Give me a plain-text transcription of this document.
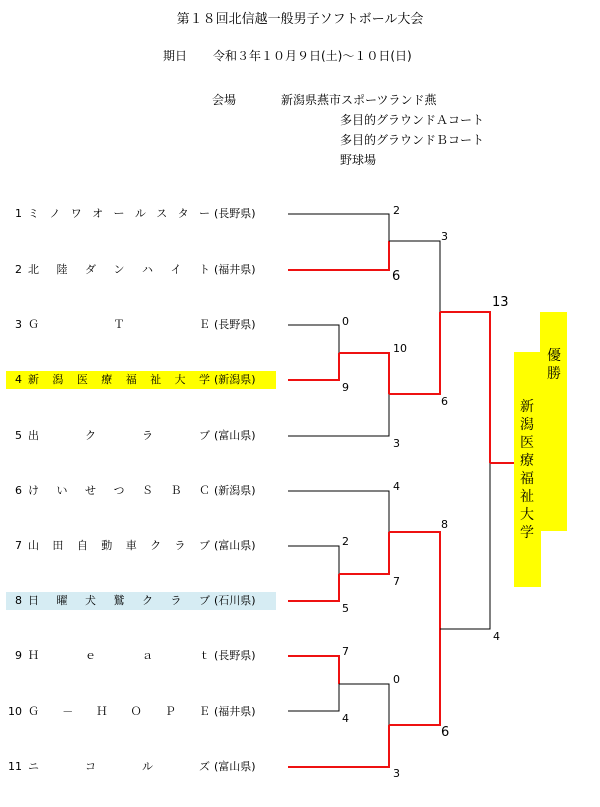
第１８回北信越一般男子ソフトボール大会
期日 令和３年１０月９日(土)～１０日(日)
会場	新潟県燕市スポーツランド燕
多目的グラウンドＡコート
多目的グラウンドＢコート
野球場
1 ミ ノ ワ オ ー ル ス タ ー (長野県)
2 北 陸 ダ ン ハ イ ト (福井県)
3 Ｇ	Ｔ	Ｅ (長野県)
4 新 潟 医 療 福 祉 大 学 (新潟県)
5 出	ク	ラ	ブ (富山県)
6 け い せ つ Ｓ Ｂ Ｃ (新潟県)
7 山 田 自 動 車 ク ラ ブ (富山県)
8 日 曜 犬 鷲 ク ラ ブ (石川県)
9 Ｈ	ｅ	ａ	ｔ (長野県)
10 Ｇ － Ｈ Ｏ Ｐ Ｅ (福井県)
11 ニ	コ	ル	ズ (富山県)
2
6
0
9
10
3
3
6
13
4
2
7
5
8
4
7
0
4
6
3
優勝
新潟医療福祉大学
